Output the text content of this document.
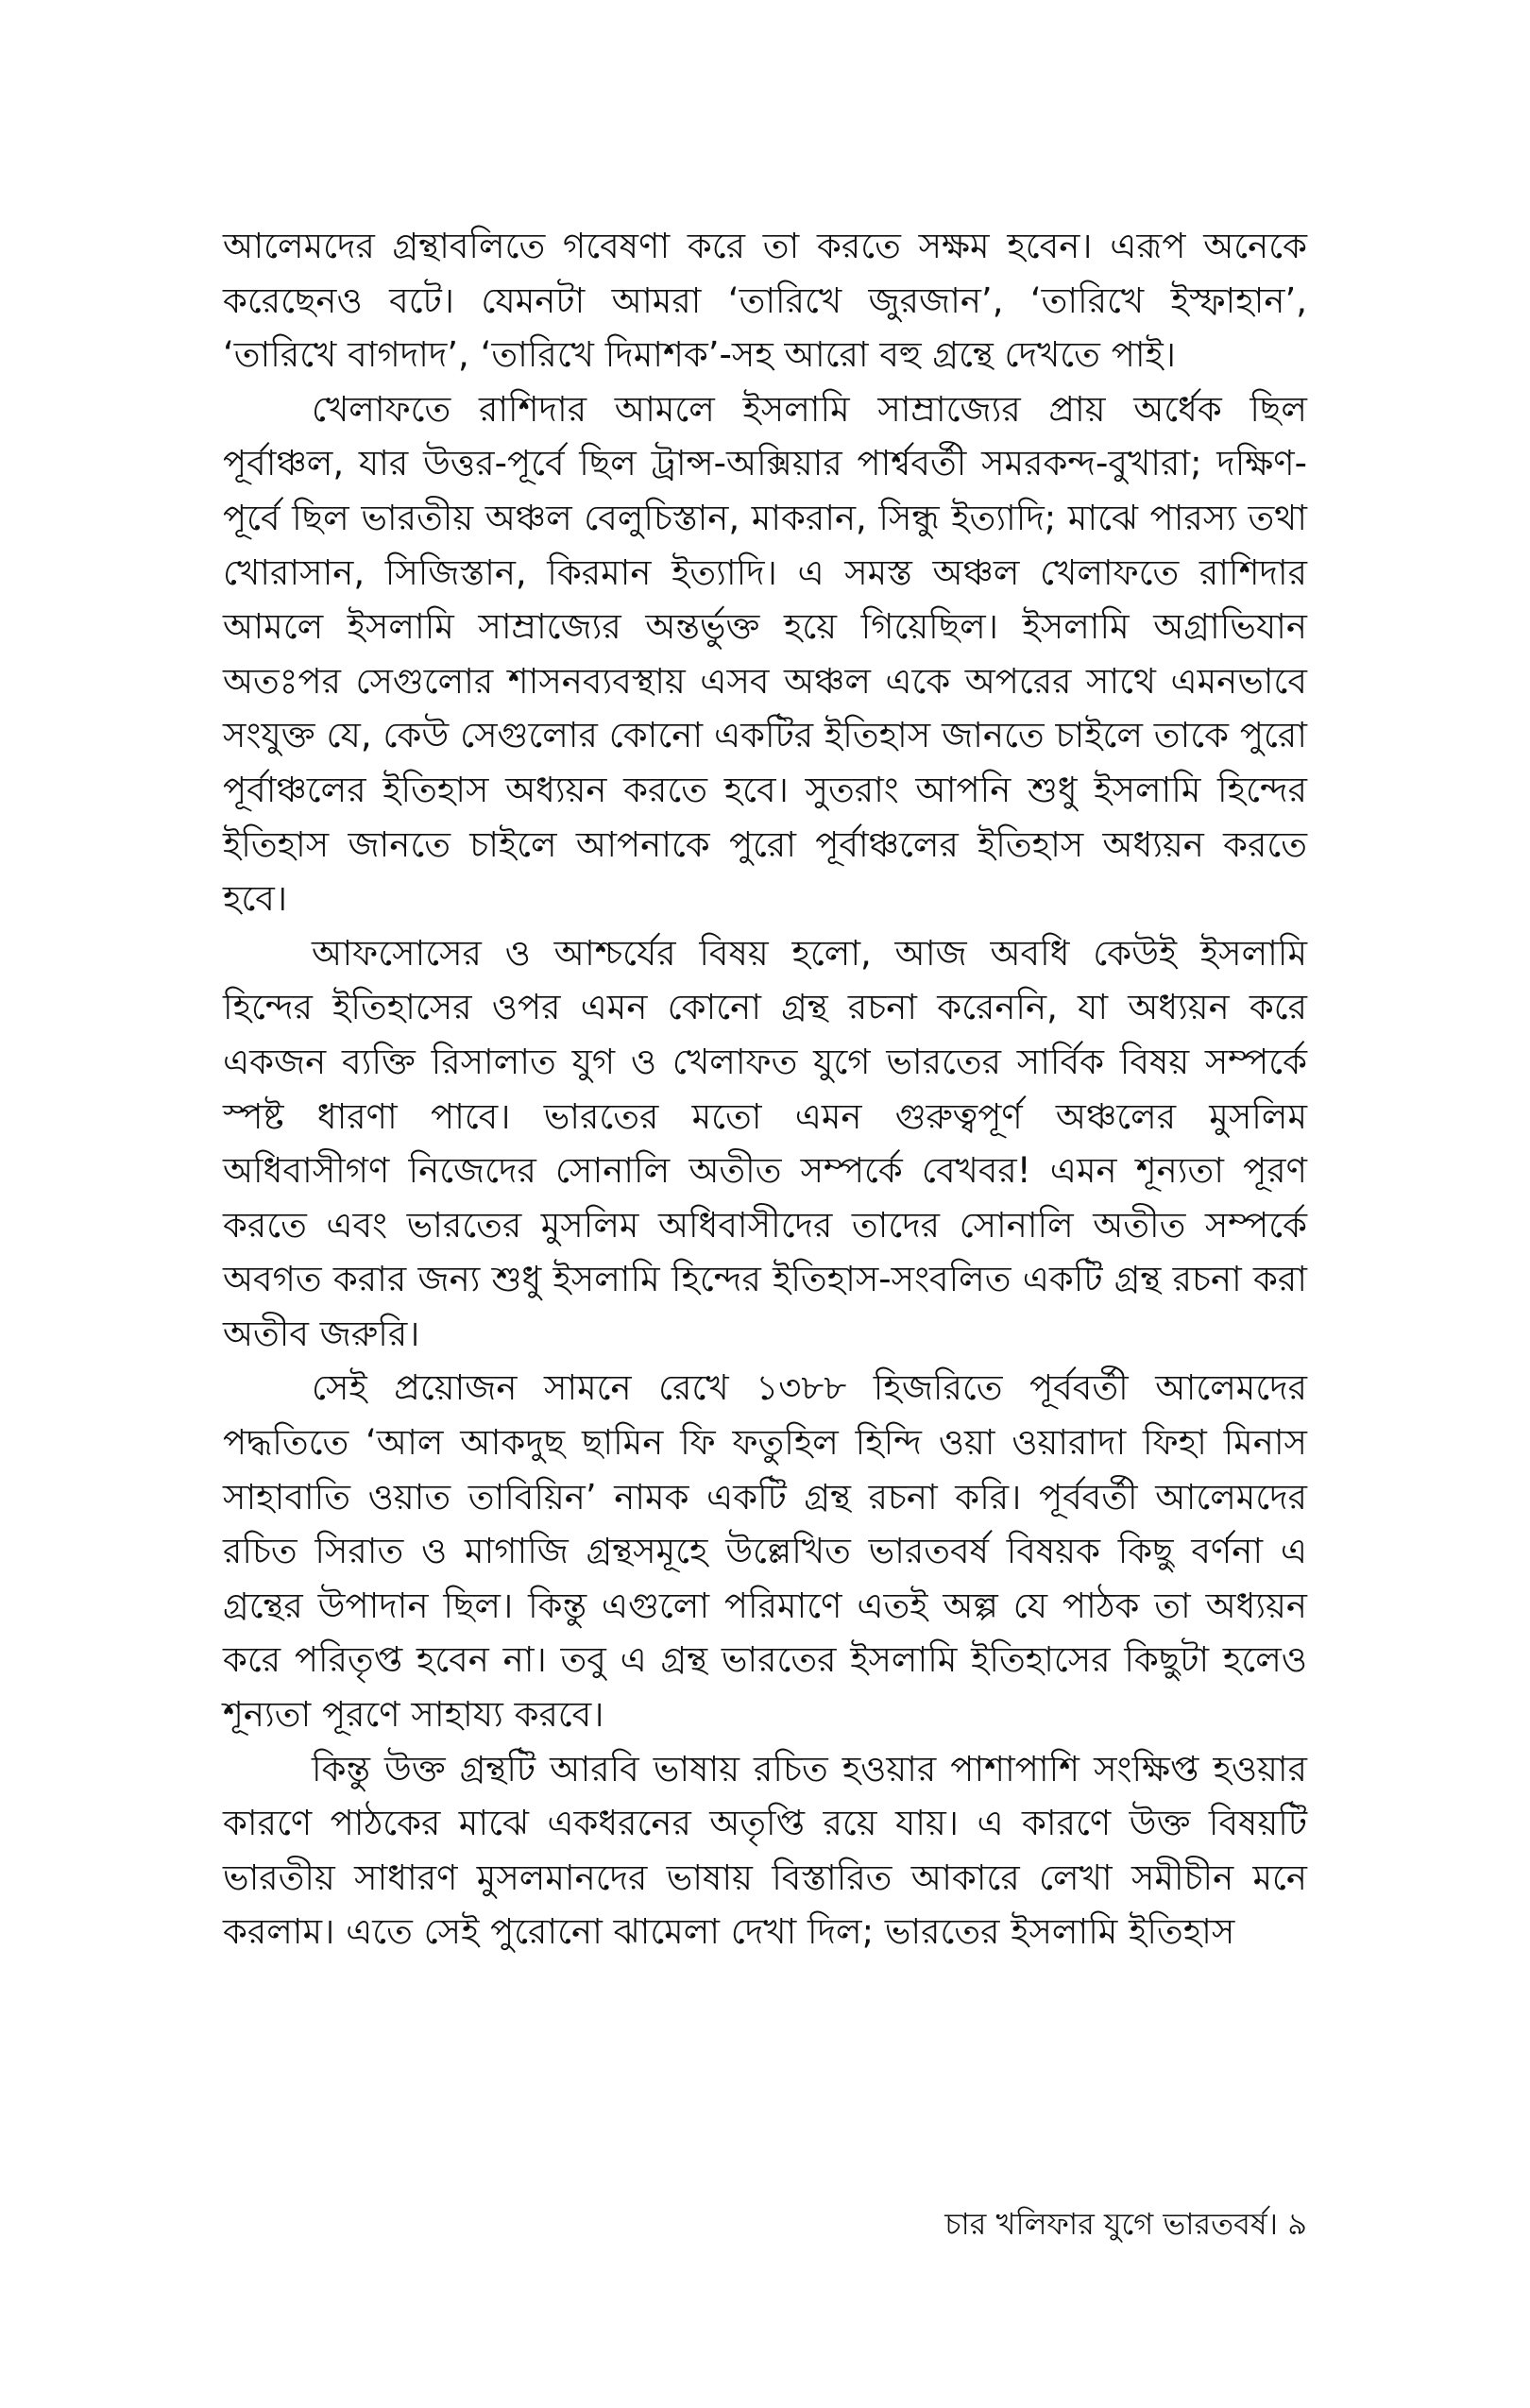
আলেমদের গ্রন্থাবলিতে গবেষণা করে তা করতে সক্ষম হবেন। এরূপ অনেকে করেছেনও বটে। যেমনটা আমরা ‘তারিখে জুরজান’, ‘তারিখে ইস্ফাহান’, ‘তারিখে বাগদাদ’, ‘তারিখে দিমাশক’-সহ আরো বহু গ্রন্থে দেখতে পাই।

খেলাফতে রাশিদার আমলে ইসলামি সাম্রাজ্যের প্রায় অর্ধেক ছিল পূর্বাঞ্চল, যার উত্তর-পূর্বে ছিল ট্রান্স-অক্সিয়ার পার্শ্ববর্তী সমরকন্দ-বুখারা; দক্ষিণ-পূর্বে ছিল ভারতীয় অঞ্চল বেলুচিস্তান, মাকরান, সিন্ধু ইত্যাদি; মাঝে পারস্য তথা খোরাসান, সিজিস্তান, কিরমান ইত্যাদি। এ সমস্ত অঞ্চল খেলাফতে রাশিদার আমলে ইসলামি সাম্রাজ্যের অন্তর্ভুক্ত হয়ে গিয়েছিল। ইসলামি অগ্রাভিযান অতঃপর সেগুলোর শাসনব্যবস্থায় এসব অঞ্চল একে অপরের সাথে এমনভাবে সংযুক্ত যে, কেউ সেগুলোর কোনো একটির ইতিহাস জানতে চাইলে তাকে পুরো পূর্বাঞ্চলের ইতিহাস অধ্যয়ন করতে হবে। সুতরাং আপনি শুধু ইসলামি হিন্দের ইতিহাস জানতে চাইলে আপনাকে পুরো পূর্বাঞ্চলের ইতিহাস অধ্যয়ন করতে হবে।

আফসোসের ও আশ্চর্যের বিষয় হলো, আজ অবধি কেউই ইসলামি হিন্দের ইতিহাসের ওপর এমন কোনো গ্রন্থ রচনা করেননি, যা অধ্যয়ন করে একজন ব্যক্তি রিসালাত যুগ ও খেলাফত যুগে ভারতের সার্বিক বিষয় সম্পর্কে স্পষ্ট ধারণা পাবে। ভারতের মতো এমন গুরুত্বপূর্ণ অঞ্চলের মুসলিম অধিবাসীগণ নিজেদের সোনালি অতীত সম্পর্কে বেখবর! এমন শূন্যতা পূরণ করতে এবং ভারতের মুসলিম অধিবাসীদের তাদের সোনালি অতীত সম্পর্কে অবগত করার জন্য শুধু ইসলামি হিন্দের ইতিহাস-সংবলিত একটি গ্রন্থ রচনা করা অতীব জরুরি।

সেই প্রয়োজন সামনে রেখে ১৩৮৮ হিজরিতে পূর্ববর্তী আলেমদের পদ্ধতিতে ‘আল আকদুছ ছামিন ফি ফতুহিল হিন্দি ওয়া ওয়ারাদা ফিহা মিনাস সাহাবাতি ওয়াত তাবিয়িন’ নামক একটি গ্রন্থ রচনা করি। পূর্ববর্তী আলেমদের রচিত সিরাত ও মাগাজি গ্রন্থসমূহে উল্লেখিত ভারতবর্ষ বিষয়ক কিছু বর্ণনা এ গ্রন্থের উপাদান ছিল। কিন্তু এগুলো পরিমাণে এতই অল্প যে পাঠক তা অধ্যয়ন করে পরিতৃপ্ত হবেন না। তবু এ গ্রন্থ ভারতের ইসলামি ইতিহাসের কিছুটা হলেও শূন্যতা পূরণে সাহায্য করবে।

কিন্তু উক্ত গ্রন্থটি আরবি ভাষায় রচিত হওয়ার পাশাপাশি সংক্ষিপ্ত হওয়ার কারণে পাঠকের মাঝে একধরনের অতৃপ্তি রয়ে যায়। এ কারণে উক্ত বিষয়টি ভারতীয় সাধারণ মুসলমানদের ভাষায় বিস্তারিত আকারে লেখা সমীচীন মনে করলাম। এতে সেই পুরোনো ঝামেলা দেখা দিল; ভারতের ইসলামি ইতিহাস

চার খলিফার যুগে ভারতবর্ষ। ৯
